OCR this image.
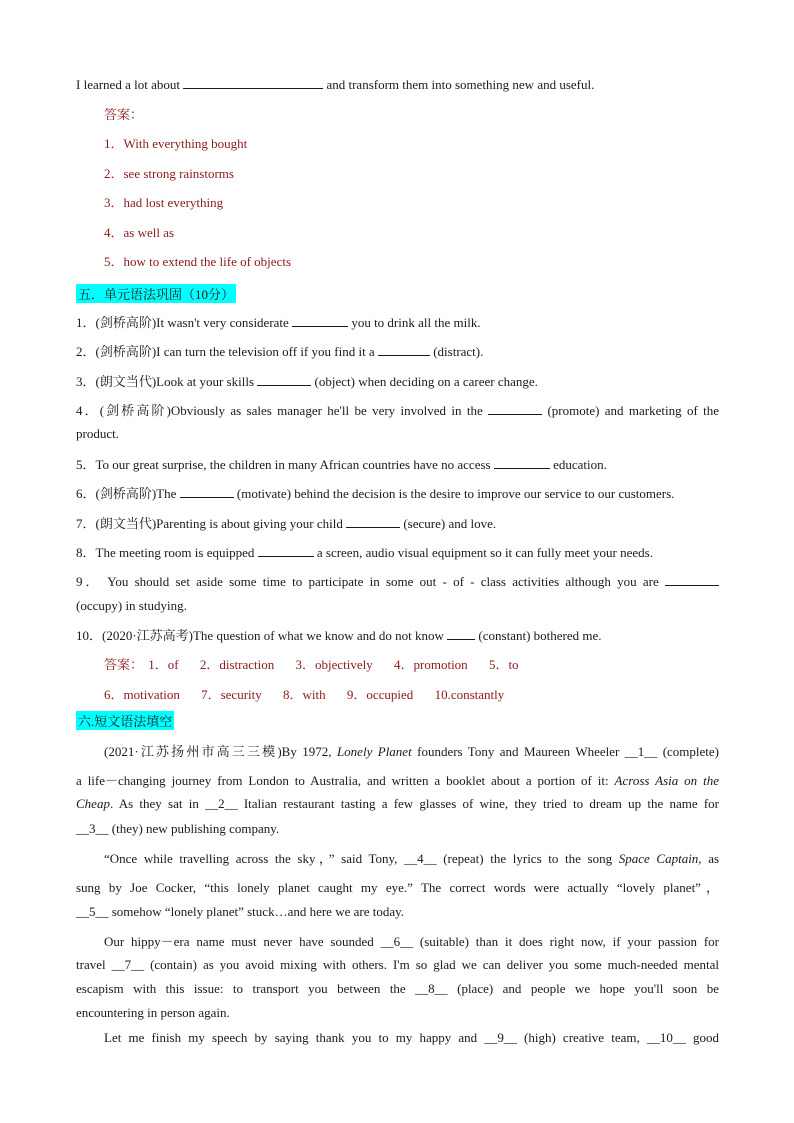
I learned a lot about	and transform them into something new and useful.
答案：
1．With everything bought
2．see strong rainstorms
3．had lost everything
4．as well as
5．how to extend the life of objects
五．单元语法巩固（10分）
1．(剑桥高阶)It wasn't very considerate	you to drink all the milk.
2．(剑桥高阶)I can turn the television off if you find it a	(distract).
3．(朗文当代)Look at your skills	(object) when deciding on a career change.
4．(剑桥高阶)Obviously as sales manager he'll be very involved in the	(promote) and marketing of the
product.
5．To our great surprise, the children in many African countries have no access	education.
6．(剑桥高阶)The	(motivate) behind the decision is the desire to improve our service to our customers.
7．(朗文当代)Parenting is about giving your child	(secure) and love.
8．The meeting room is equipped	a screen, audio visual equipment so it can fully meet your needs.
9． You should set aside some time to participate in some out - of - class activities although you are
(occupy) in studying.
10．(2020·江苏高考)The question of what we know and do not know	(constant) bothered me.
答案： 1．of 2．distraction 3．objectively 4．promotion 5．to
6．motivation 7．security 8．with 9．occupied 10.constantly
六.短文语法填空
(2021·江苏扬州市高三三模)By 1972, Lonely Planet founders Tony and Maureen Wheeler __1__ (complete)
a life－changing journey from London to Australia, and written a booklet about a portion of it: Across Asia on the
Cheap. As they sat in __2__ Italian restaurant tasting a few glasses of wine, they tried to dream up the name for
__3__ (they) new publishing company.
“Once while travelling across the sky，” said Tony, __4__ (repeat) the lyrics to the song Space Captain, as
sung by Joe Cocker, “this lonely planet caught my eye.” The correct words were actually “lovely planet”，
__5__ somehow “lonely planet” stuck…and here we are today.
Our hippy－era name must never have sounded __6__ (suitable) than it does right now, if your passion for
travel __7__ (contain) as you avoid mixing with others. I'm so glad we can deliver you some much-needed mental
escapism with this issue: to transport you between the __8__ (place) and people we hope you'll soon be
encountering in person again.
Let me finish my speech by saying thank you to my happy and __9__ (high) creative team, __10__ good
